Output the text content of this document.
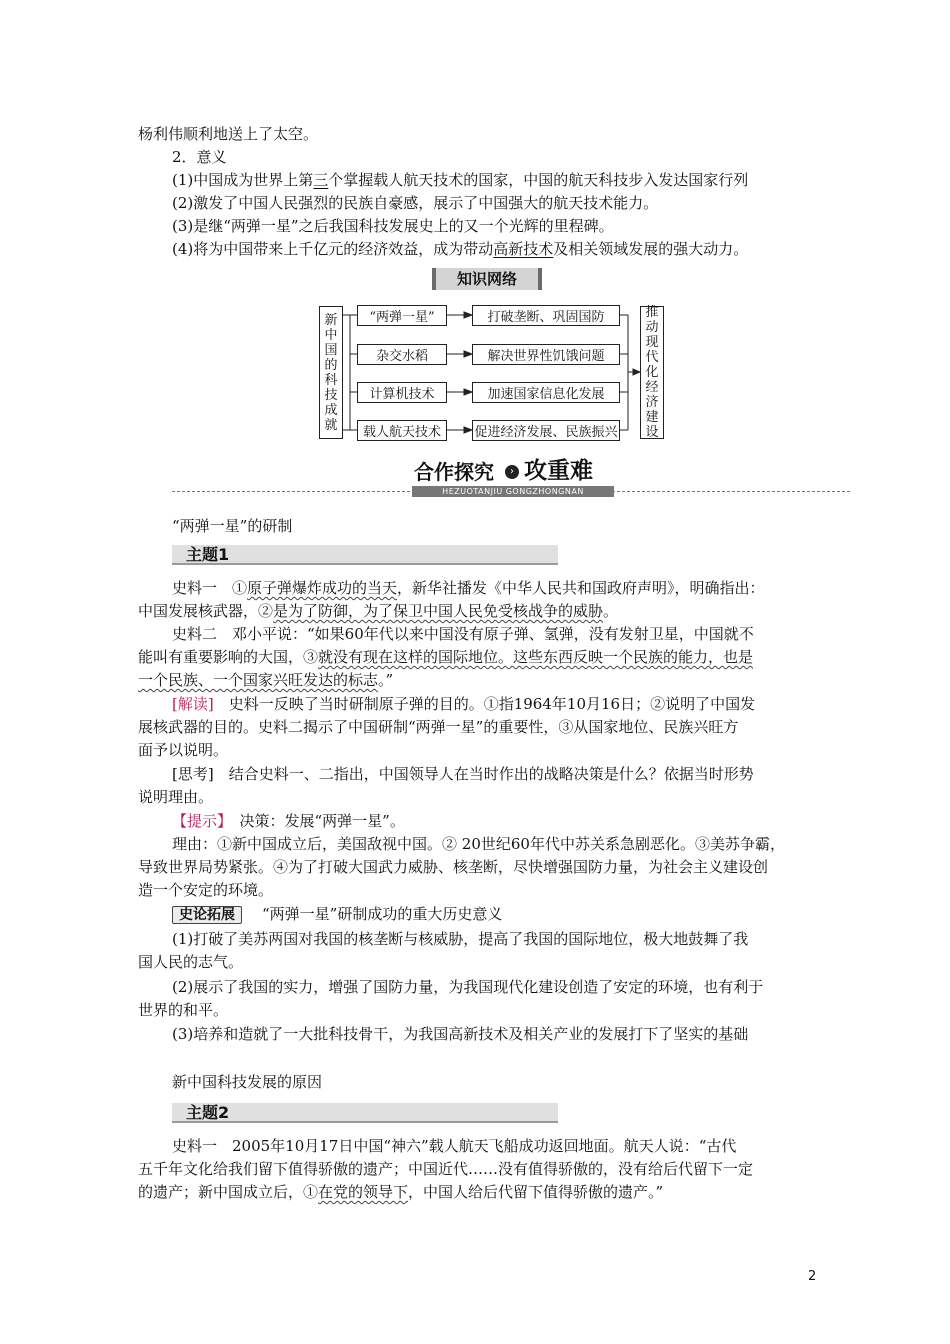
杨利伟顺利地送上了太空。
2．意义
(1)中国成为世界上第三个掌握载人航天技术的国家，中国的航天科技步入发达国家行列
(2)激发了中国人民强烈的民族自豪感，展示了中国强大的航天技术能力。
(3)是继“两弹一星”之后我国科技发展史上的又一个光辉的里程碑。
(4)将为中国带来上千亿元的经济效益，成为带动高新技术及相关领域发展的强大动力。
知识网络
新中国的科技成就
推动现代化经济建设
“两弹一星”
杂交水稻
计算机技术
载人航天技术
打破垄断、巩固国防
解决世界性饥饿问题
加速国家信息化发展
促进经济发展、民族振兴
合作探究	› 攻重难
HEZUOTANJIU GONGZHONGNAN
“两弹一星”的研制
主题1
史料一　①原子弹爆炸成功的当天，新华社播发《中华人民共和国政府声明》，明确指出：
中国发展核武器，②是为了防御，为了保卫中国人民免受核战争的威胁。
史料二　邓小平说：“如果60年代以来中国没有原子弹、氢弹，没有发射卫星，中国就不
能叫有重要影响的大国，③就没有现在这样的国际地位。这些东西反映一个民族的能力，也是
一个民族、一个国家兴旺发达的标志。”
[解读]　史料一反映了当时研制原子弹的目的。①指1964年10月16日；②说明了中国发
展核武器的目的。史料二揭示了中国研制“两弹一星”的重要性，③从国家地位、民族兴旺方
面予以说明。
[思考]　结合史料一、二指出，中国领导人在当时作出的战略决策是什么？依据当时形势
说明理由。
【提示】　决策：发展“两弹一星”。
理由：①新中国成立后，美国敌视中国。② 20世纪60年代中苏关系急剧恶化。③美苏争霸，
导致世界局势紧张。④为了打破大国武力威胁、核垄断，尽快增强国防力量，为社会主义建设创
造一个安定的环境。
史论拓展	“两弹一星”研制成功的重大历史意义
(1)打破了美苏两国对我国的核垄断与核威胁，提高了我国的国际地位，极大地鼓舞了我
国人民的志气。
(2)展示了我国的实力，增强了国防力量，为我国现代化建设创造了安定的环境，也有利于
世界的和平。
(3)培养和造就了一大批科技骨干，为我国高新技术及相关产业的发展打下了坚实的基础
新中国科技发展的原因
主题2
史料一　2005年10月17日中国“神六”载人航天飞船成功返回地面。航天人说：“古代
五千年文化给我们留下值得骄傲的遗产；中国近代……没有值得骄傲的，没有给后代留下一定
的遗产；新中国成立后，①在党的领导下，中国人给后代留下值得骄傲的遗产。”
2
